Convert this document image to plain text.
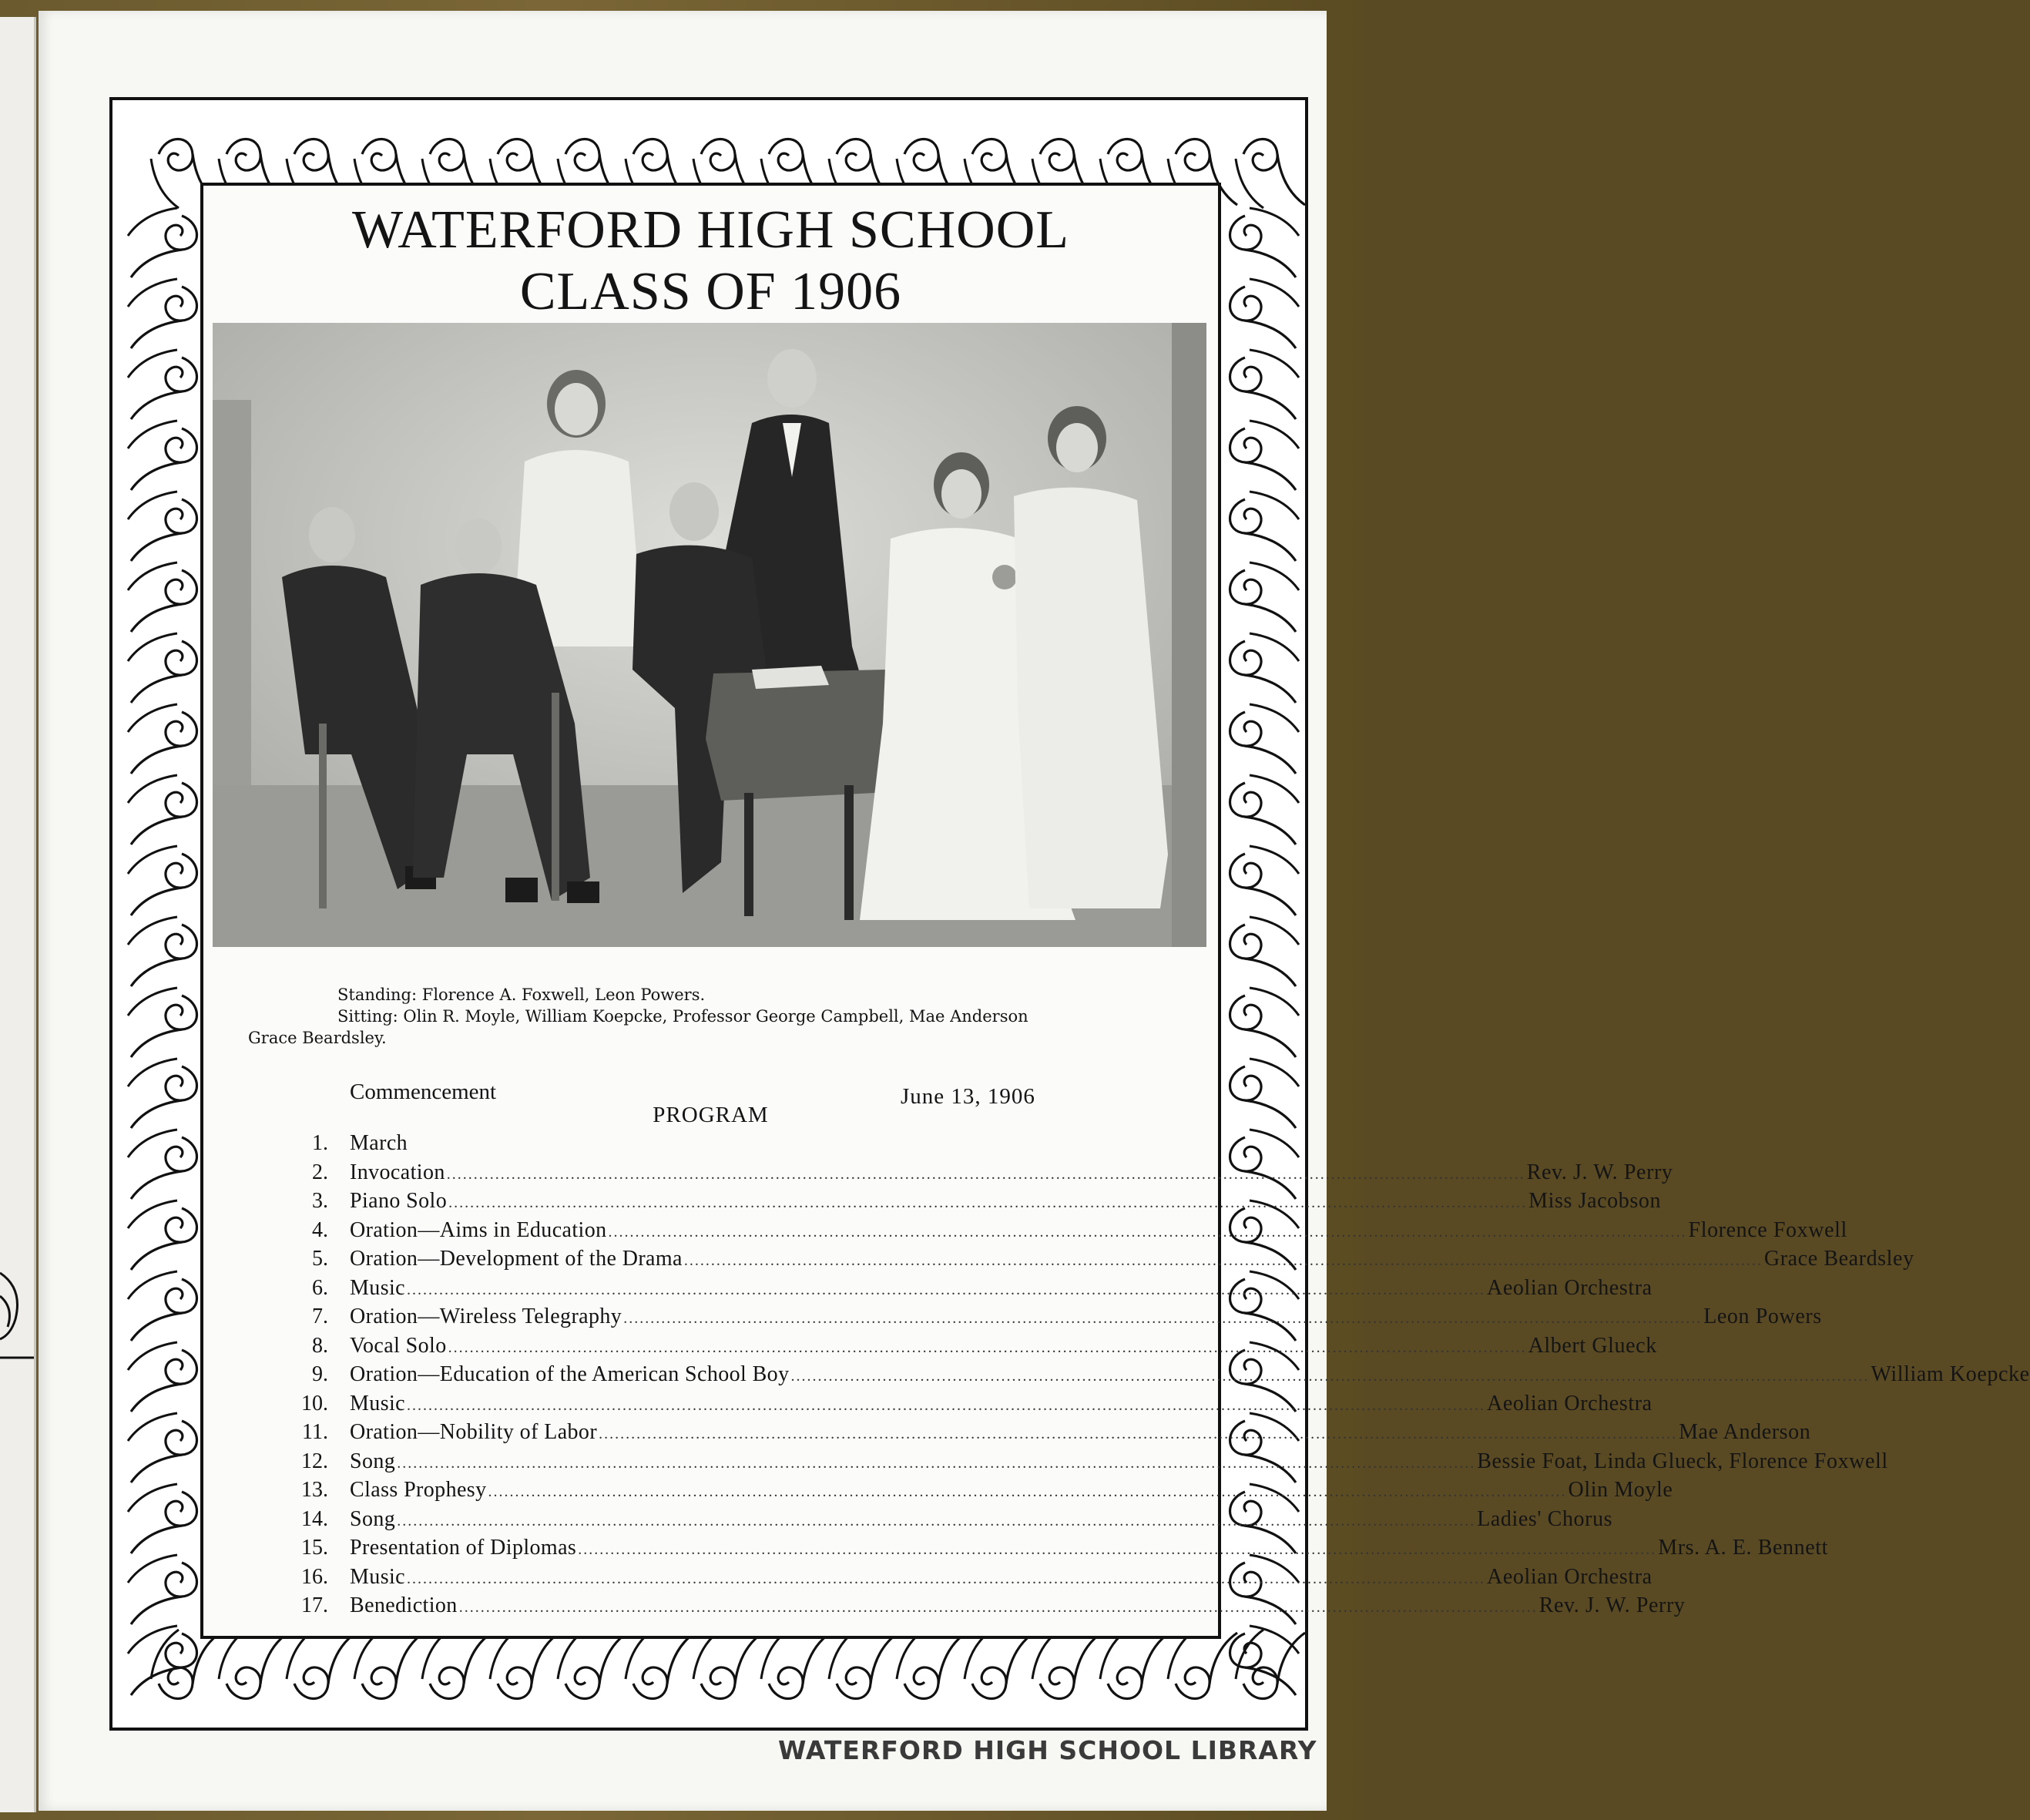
WATERFORD HIGH SCHOOL
CLASS OF 1906
Standing: Florence A. Foxwell, Leon Powers.
Sitting: Olin R. Moyle, William Koepcke, Professor George Campbell, Mae Anderson
Grace Beardsley.
Commencement	June 13, 1906
PROGRAM
1.	March
2.	Invocation ........................................................................................................................................................................................................ Rev. J. W. Perry
3.	Piano Solo ........................................................................................................................................................................................................ Miss Jacobson
4.	Oration—Aims in Education ........................................................................................................................................................................................................ Florence Foxwell
5.	Oration—Development of the Drama ........................................................................................................................................................................................................ Grace Beardsley
6.	Music ........................................................................................................................................................................................................ Aeolian Orchestra
7.	Oration—Wireless Telegraphy ........................................................................................................................................................................................................ Leon Powers
8.	Vocal Solo ........................................................................................................................................................................................................ Albert Glueck
9.	Oration—Education of the American School Boy ........................................................................................................................................................................................................ William Koepcke
10.	Music ........................................................................................................................................................................................................ Aeolian Orchestra
11.	Oration—Nobility of Labor ........................................................................................................................................................................................................ Mae Anderson
12.	Song ........................................................................................................................................................................................................ Bessie Foat, Linda Glueck, Florence Foxwell
13.	Class Prophesy ........................................................................................................................................................................................................ Olin Moyle
14.	Song ........................................................................................................................................................................................................ Ladies' Chorus
15.	Presentation of Diplomas ........................................................................................................................................................................................................ Mrs. A. E. Bennett
16.	Music ........................................................................................................................................................................................................ Aeolian Orchestra
17.	Benediction ........................................................................................................................................................................................................ Rev. J. W. Perry
WATERFORD HIGH SCHOOL LIBRARY
